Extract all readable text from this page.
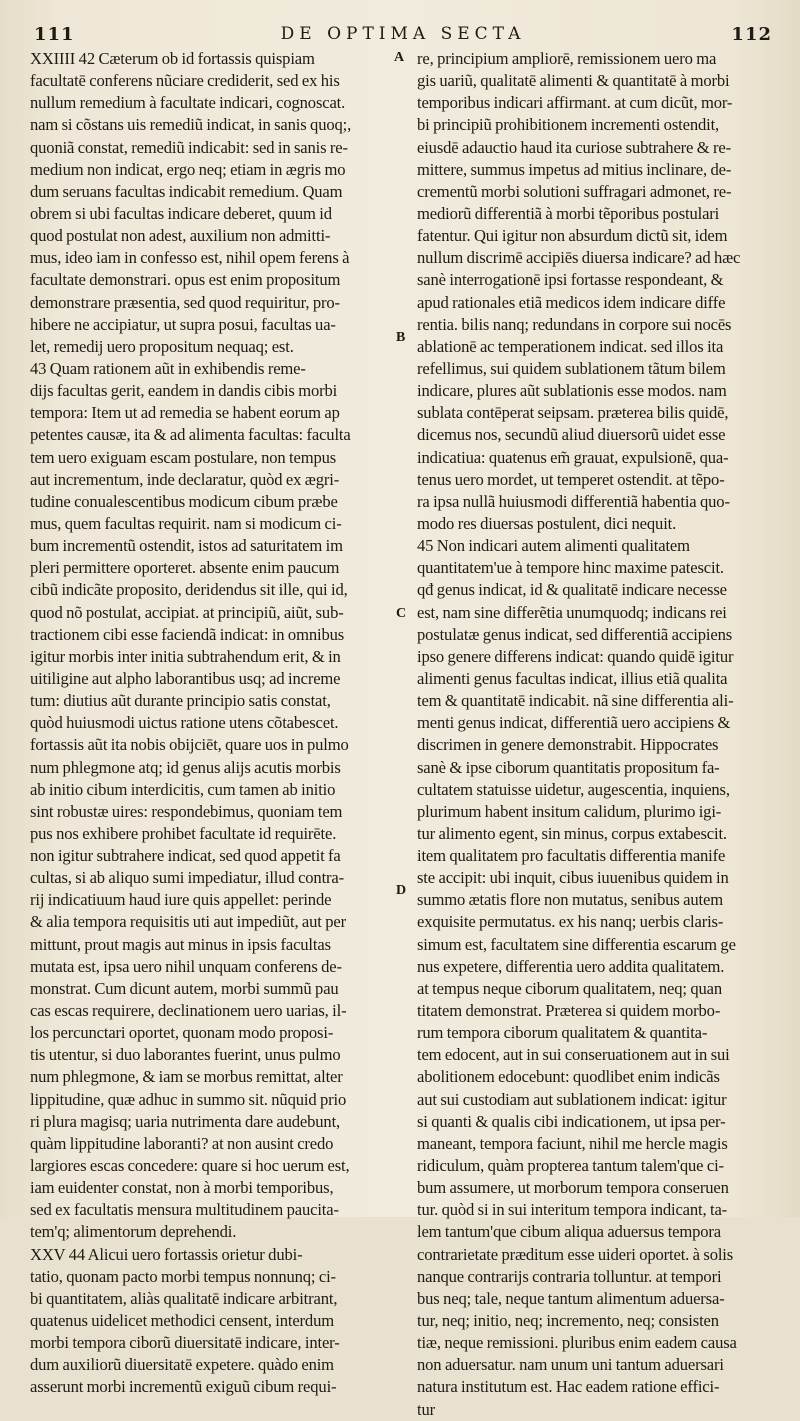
111	DE OPTIMA SECTA	112
A
B
C
D
XXIIII 42 Cæterum ob id fortassis quispiam
facultatē conferens nũciare crediderit, sed ex his
nullum remedium à facultate indicari, cognoscat.
nam si cõstans uis remediũ indicat, in sanis quoq;,
quoniã constat, remediũ indicabit: sed in sanis re-
medium non indicat, ergo neq; etiam in ægris mo
dum seruans facultas indicabit remedium. Quam
obrem si ubi facultas indicare deberet, quum id
quod postulat non adest, auxilium non admitti-
mus, ideo iam in confesso est, nihil opem ferens à
facultate demonstrari. opus est enim propositum
demonstrare præsentia, sed quod requiritur, pro-
hibere ne accipiatur, ut supra posui, facultas ua-
let, remedij uero propositum nequaq; est.
43 Quam rationem aũt in exhibendis reme-
dijs facultas gerit, eandem in dandis cibis morbi
tempora: Item ut ad remedia se habent eorum ap
petentes causæ, ita & ad alimenta facultas: faculta
tem uero exiguam escam postulare, non tempus
aut incrementum, inde declaratur, quòd ex ægri-
tudine conualescentibus modicum cibum præbe
mus, quem facultas requirit. nam si modicum ci-
bum incrementũ ostendit, istos ad saturitatem im
pleri permittere oporteret. absente enim paucum
cibũ indicãte proposito, deridendus sit ille, qui id,
quod nõ postulat, accipiat. at principiũ, aiũt, sub-
tractionem cibi esse faciendã indicat: in omnibus
igitur morbis inter initia subtrahendum erit, & in
uitiligine aut alpho laborantibus usq; ad increme
tum: diutius aũt durante principio satis constat,
quòd huiusmodi uictus ratione utens cõtabescet.
fortassis aũt ita nobis obijciēt, quare uos in pulmo
num phlegmone atq; id genus alijs acutis morbis
ab initio cibum interdicitis, cum tamen ab initio
sint robustæ uires: respondebimus, quoniam tem
pus nos exhibere prohibet facultate id requirēte.
non igitur subtrahere indicat, sed quod appetit fa
cultas, si ab aliquo sumi impediatur, illud contra-
rij indicatiuum haud iure quis appellet: perinde
& alia tempora requisitis uti aut impediũt, aut per
mittunt, prout magis aut minus in ipsis facultas
mutata est, ipsa uero nihil unquam conferens de-
monstrat. Cum dicunt autem, morbi summũ pau
cas escas requirere, declinationem uero uarias, il-
los percunctari oportet, quonam modo proposi-
tis utentur, si duo laborantes fuerint, unus pulmo
num phlegmone, & iam se morbus remittat, alter
lippitudine, quæ adhuc in summo sit. nũquid prio
ri plura magisq; uaria nutrimenta dare audebunt,
quàm lippitudine laboranti? at non ausint credo
largiores escas concedere: quare si hoc uerum est,
iam euidenter constat, non à morbi temporibus,
sed ex facultatis mensura multitudinem paucita-
tem'q; alimentorum deprehendi.
XXV 44 Alicui uero fortassis orietur dubi-
tatio, quonam pacto morbi tempus nonnunq; ci-
bi quantitatem, aliàs qualitatē indicare arbitrant,
quatenus uidelicet methodici censent, interdum
morbi tempora ciborũ diuersitatē indicare, inter-
dum auxiliorũ diuersitatē expetere. quàdo enim
asserunt morbi incrementũ exiguũ cibum requi-
re, principium ampliorē, remissionem uero ma
gis uariũ, qualitatē alimenti & quantitatē à morbi
temporibus indicari affirmant. at cum dicũt, mor-
bi principiũ prohibitionem incrementi ostendit,
eiusdē adauctio haud ita curiose subtrahere & re-
mittere, summus impetus ad mitius inclinare, de-
crementũ morbi solutioni suffragari admonet, re-
mediorũ differentiã à morbi tẽporibus postulari
fatentur. Qui igitur non absurdum dictũ sit, idem
nullum discrimē accipiēs diuersa indicare? ad hæc
sanè interrogationē ipsi fortasse respondeant, &
apud rationales etiã medicos idem indicare diffe
rentia. bilis nanq; redundans in corpore sui nocēs
ablationē ac temperationem indicat. sed illos ita
refellimus, sui quidem sublationem tãtum bilem
indicare, plures aũt sublationis esse modos. nam
sublata contēperat seipsam. præterea bilis quidē,
dicemus nos, secundũ aliud diuersorũ uidet esse
indicatiua: quatenus em̃ grauat, expulsionē, qua-
tenus uero mordet, ut temperet ostendit. at tẽpo-
ra ipsa nullã huiusmodi differentiã habentia quo-
modo res diuersas postulent, dici nequit.
45 Non indicari autem alimenti qualitatem
quantitatem'ue à tempore hinc maxime patescit.
qđ genus indicat, id & qualitatē indicare necesse
est, nam sine differẽtia unumquodq; indicans rei
postulatæ genus indicat, sed differentiã accipiens
ipso genere differens indicat: quando quidē igitur
alimenti genus facultas indicat, illius etiã qualita
tem & quantitatē indicabit. nã sine differentia ali-
menti genus indicat, differentiã uero accipiens &
discrimen in genere demonstrabit. Hippocrates
sanè & ipse ciborum quantitatis propositum fa-
cultatem statuisse uidetur, augescentia, inquiens,
plurimum habent insitum calidum, plurimo igi-
tur alimento egent, sin minus, corpus extabescit.
item qualitatem pro facultatis differentia manife
ste accipit: ubi inquit, cibus iuuenibus quidem in
summo ætatis flore non mutatus, senibus autem
exquisite permutatus. ex his nanq; uerbis claris-
simum est, facultatem sine differentia escarum ge
nus expetere, differentia uero addita qualitatem.
at tempus neque ciborum qualitatem, neq; quan
titatem demonstrat. Præterea si quidem morbo-
rum tempora ciborum qualitatem & quantita-
tem edocent, aut in sui conseruationem aut in sui
abolitionem edocebunt: quodlibet enim indicãs
aut sui custodiam aut sublationem indicat: igitur
si quanti & qualis cibi indicationem, ut ipsa per-
maneant, tempora faciunt, nihil me hercle magis
ridiculum, quàm propterea tantum talem'que ci-
bum assumere, ut morborum tempora conseruen
tur. quòd si in sui interitum tempora indicant, ta-
lem tantum'que cibum aliqua aduersus tempora
contrarietate præditum esse uideri oportet. à solis
nanque contrarijs contraria tolluntur. at tempori
bus neq; tale, neque tantum alimentum aduersa-
tur, neq; initio, neq; incremento, neq; consisten
tiæ, neque remissioni. pluribus enim eadem causa
non aduersatur. nam unum uni tantum aduersari
natura institutum est. Hac eadem ratione effici-
tur
